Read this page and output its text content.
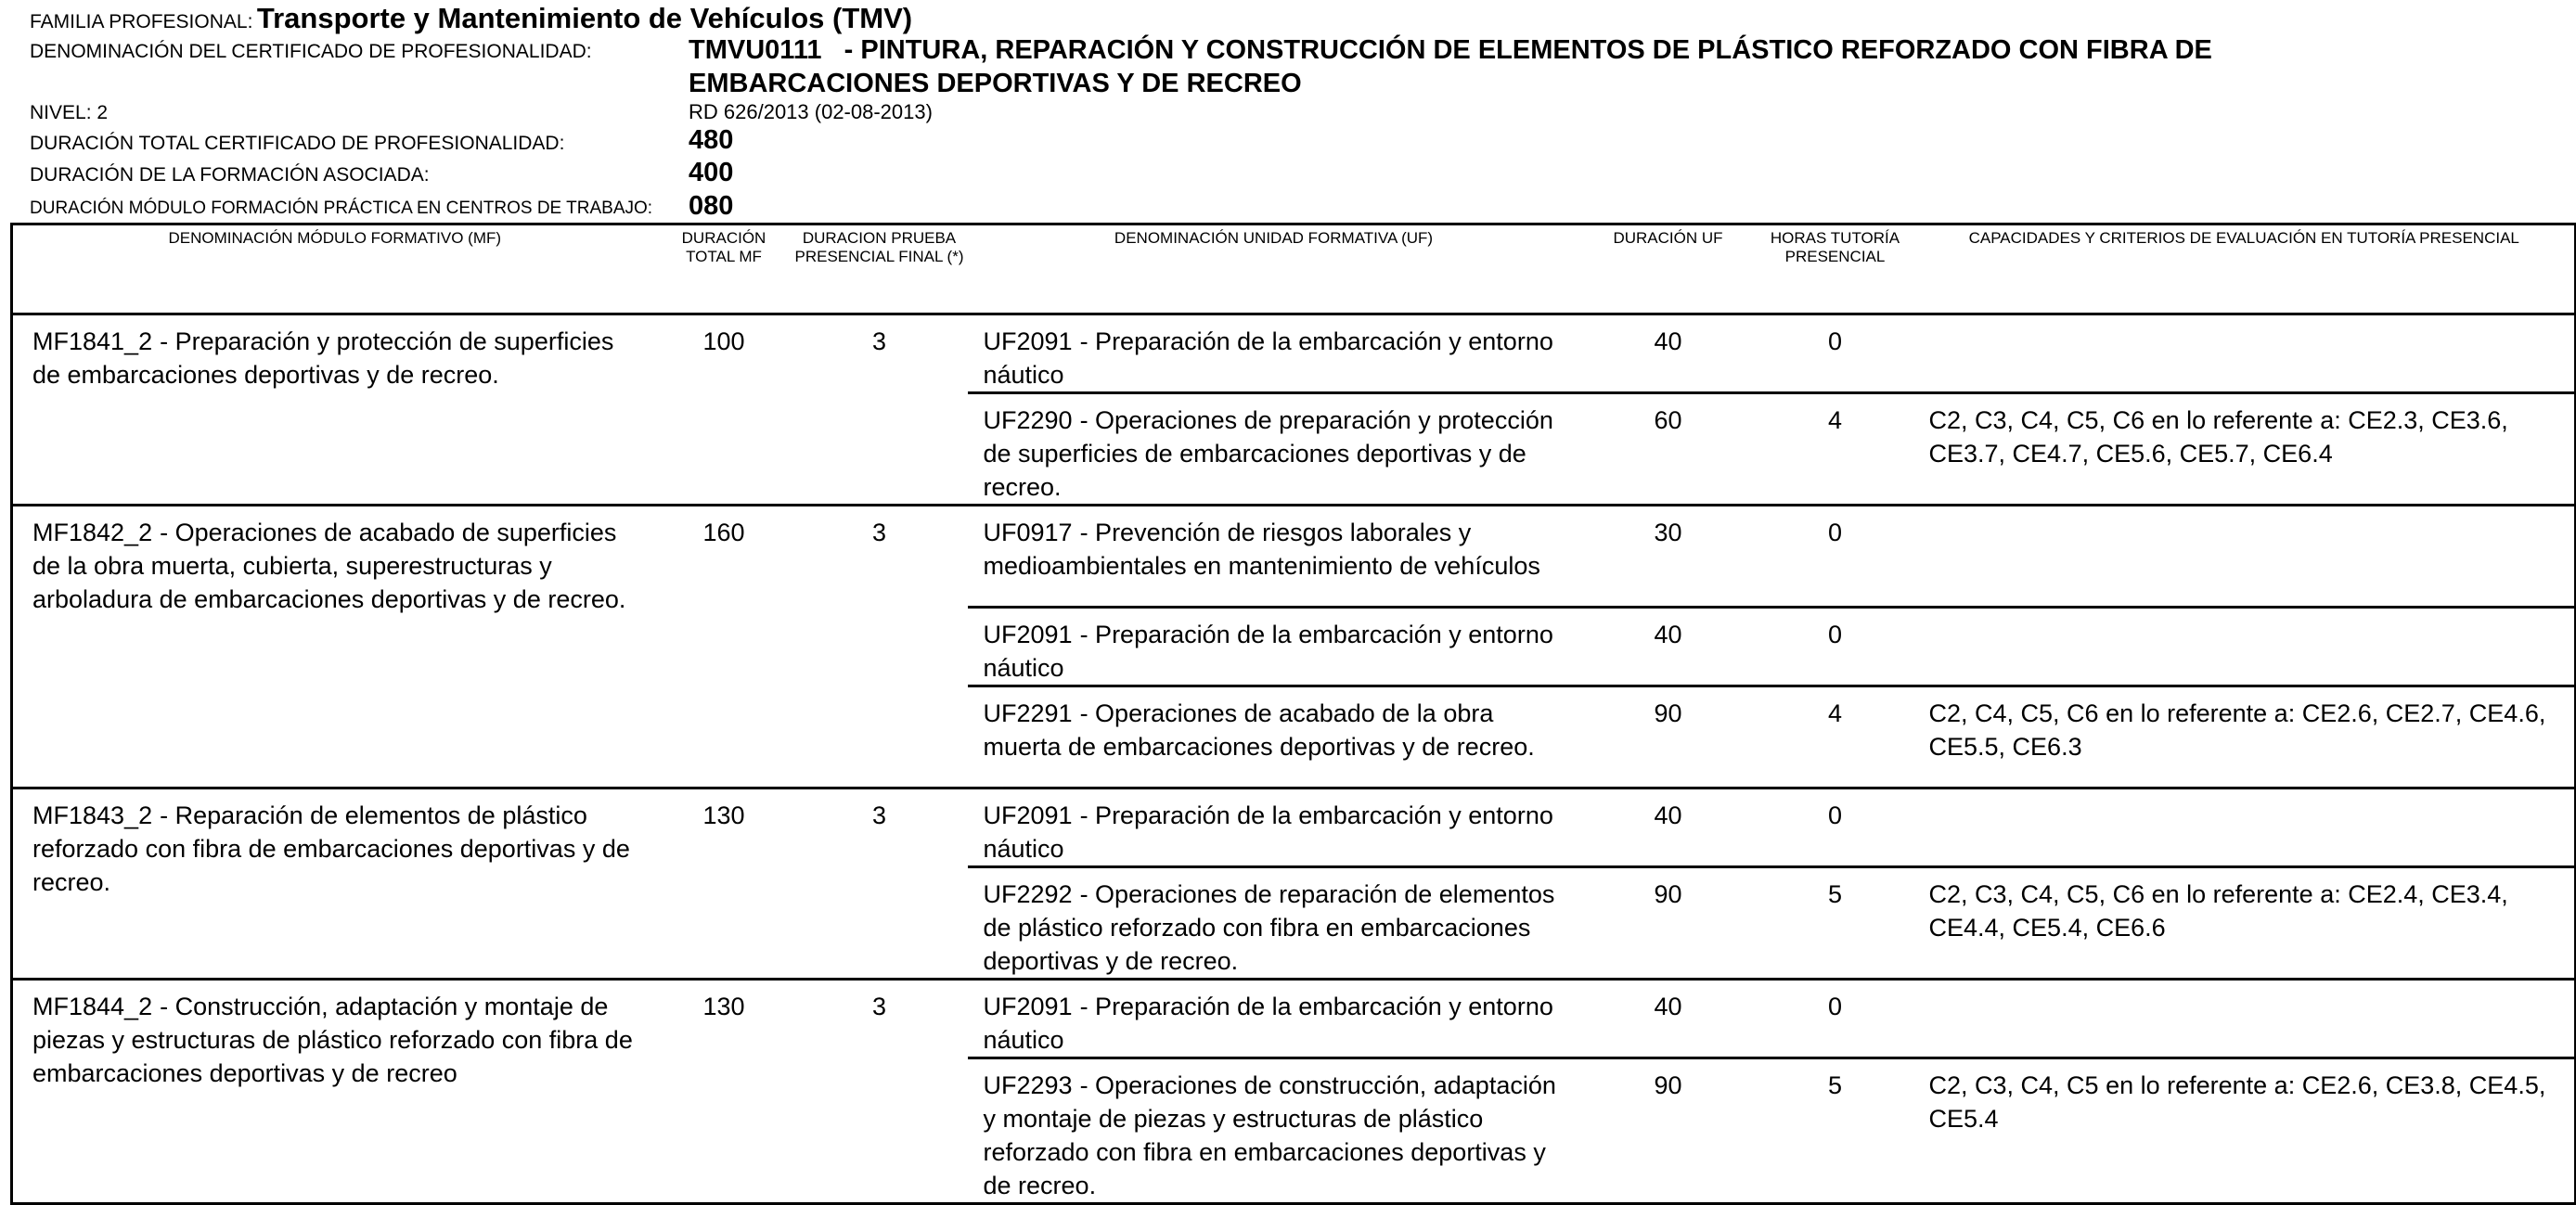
FAMILIA PROFESIONAL: Transporte y Mantenimiento de Vehículos (TMV)
DENOMINACIÓN DEL CERTIFICADO DE PROFESIONALIDAD:	TMVU0111 - PINTURA, REPARACIÓN Y CONSTRUCCIÓN DE ELEMENTOS DE PLÁSTICO REFORZADO CON FIBRA DE
EMBARCACIONES DEPORTIVAS Y DE RECREO
NIVEL: 2	RD 626/2013 (02-08-2013)
DURACIÓN TOTAL CERTIFICADO DE PROFESIONALIDAD:	480
DURACIÓN DE LA FORMACIÓN ASOCIADA:	400
DURACIÓN MÓDULO FORMACIÓN PRÁCTICA EN CENTROS DE TRABAJO: 080
DENOMINACIÓN MÓDULO FORMATIVO (MF)	DURACIÓN TOTAL MF	DURACION PRUEBA PRESENCIAL FINAL (*)	DENOMINACIÓN UNIDAD FORMATIVA (UF)	DURACIÓN UF	HORAS TUTORÍA PRESENCIAL	CAPACIDADES Y CRITERIOS DE EVALUACIÓN EN TUTORÍA PRESENCIAL
MF1841_2 - Preparación y protección de superficies de embarcaciones deportivas y de recreo.	100	3	UF2091 - Preparación de la embarcación y entorno náutico	40	0	
			UF2290 - Operaciones de preparación y protección de superficies de embarcaciones deportivas y de recreo.	60	4	C2, C3, C4, C5, C6 en lo referente a: CE2.3, CE3.6, CE3.7, CE4.7, CE5.6, CE5.7, CE6.4
MF1842_2 - Operaciones de acabado de superficies de la obra muerta, cubierta, superestructuras y arboladura de embarcaciones deportivas y de recreo.	160	3	UF0917 - Prevención de riesgos laborales y medioambientales en mantenimiento de vehículos	30	0	
			UF2091 - Preparación de la embarcación y entorno náutico	40	0	
			UF2291 - Operaciones de acabado de la obra muerta de embarcaciones deportivas y de recreo.	90	4	C2, C4, C5, C6 en lo referente a: CE2.6, CE2.7, CE4.6, CE5.5, CE6.3
MF1843_2 - Reparación de elementos de plástico reforzado con fibra de embarcaciones deportivas y de recreo.	130	3	UF2091 - Preparación de la embarcación y entorno náutico	40	0	
			UF2292 - Operaciones de reparación de elementos de plástico reforzado con fibra en embarcaciones deportivas y de recreo.	90	5	C2, C3, C4, C5, C6 en lo referente a: CE2.4, CE3.4, CE4.4, CE5.4, CE6.6
MF1844_2 - Construcción, adaptación y montaje de piezas y estructuras de plástico reforzado con fibra de embarcaciones deportivas y de recreo	130	3	UF2091 - Preparación de la embarcación y entorno náutico	40	0	
			UF2293 - Operaciones de construcción, adaptación y montaje de piezas y estructuras de plástico reforzado con fibra en embarcaciones deportivas y de recreo.	90	5	C2, C3, C4, C5 en lo referente a: CE2.6, CE3.8, CE4.5, CE5.4
